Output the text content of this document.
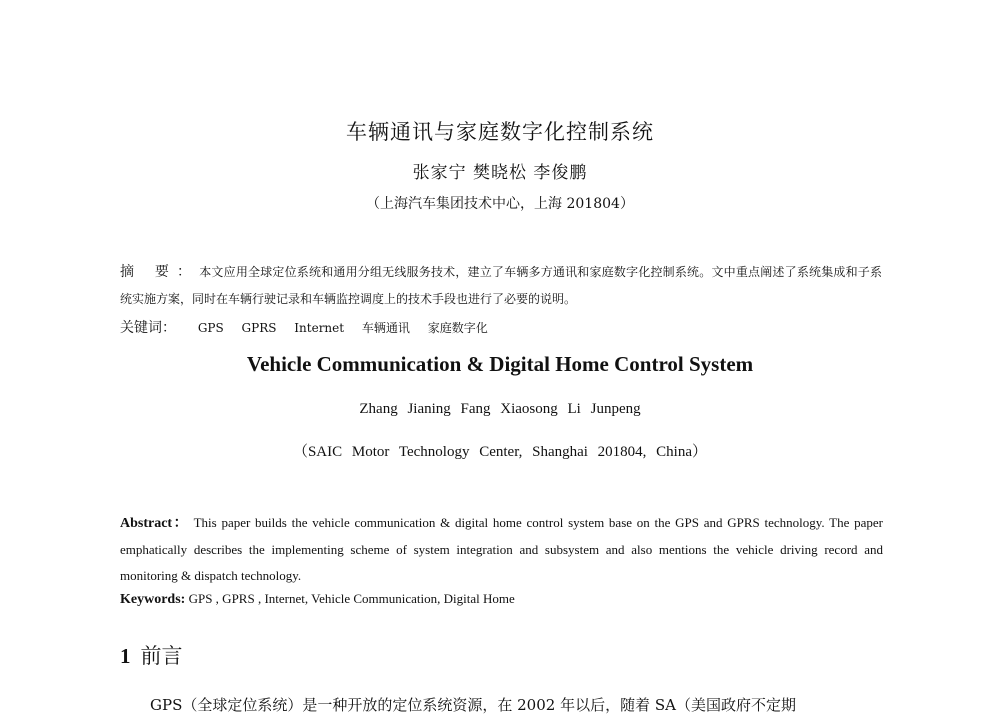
车辆通讯与家庭数字化控制系统
张家宁 樊晓松 李俊鹏
（上海汽车集团技术中心，上海 201804）
摘 要：本文应用全球定位系统和通用分组无线服务技术，建立了车辆多方通讯和家庭数字化控制系统。文中重点阐述了系统集成和子系统实施方案，同时在车辆行驶记录和车辆监控调度上的技术手段也进行了必要的说明。
关键词： GPS GPRS Internet 车辆通讯 家庭数字化
Vehicle Communication & Digital Home Control System
Zhang Jianing Fang Xiaosong Li Junpeng
（SAIC Motor Technology Center, Shanghai 201804, China）
Abstract： This paper builds the vehicle communication & digital home control system base on the GPS and GPRS technology. The paper emphatically describes the implementing scheme of system integration and subsystem and also mentions the vehicle driving record and monitoring & dispatch technology.
Keywords: GPS , GPRS , Internet, Vehicle Communication, Digital Home
1 前言
GPS（全球定位系统）是一种开放的定位系统资源，在 2002 年以后，随着 SA（美国政府不定期
